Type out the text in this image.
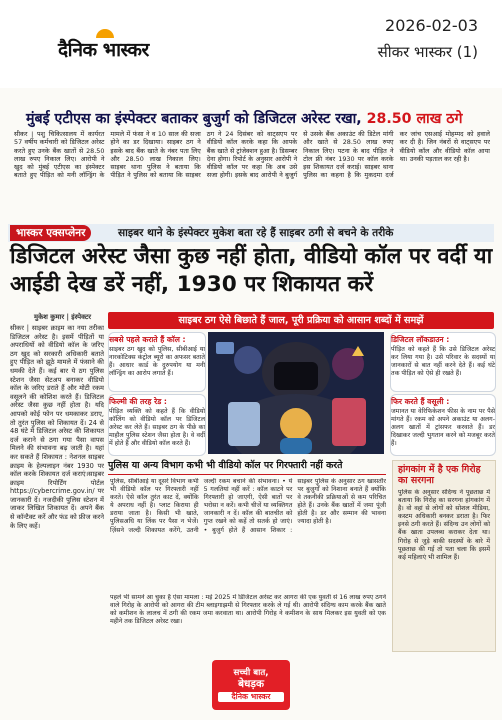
दैनिक भास्कर
2026-02-03
सीकर भास्कर (1)
मुंबई एटीएस का इंस्पेक्टर बताकर बुजुर्ग को डिजिटल अरेस्ट रखा, 28.50 लाख ठगे
सीकर | पशु चिकित्सालय में कार्यरत 57 वर्षीय कर्मचारी को डिजिटल अरेस्ट करते हुए उनके बैंक खातों से 28.50 लाख रुपए निकाल लिए। आरोपी ने खुद को मुंबई एटीएस का इंस्पेक्टर बताते हुए पीड़ित को मनी लॉन्ड्रिंग के मामले में फंसा ने व 10 साल की सजा होने का डर दिखाया। साइबर ठग ने इसके बाद बैंक खाते के नंबर पता लिए और 28.50 लाख निकाल लिए। साइबर थाना पुलिस ने बताया कि पीड़ित ने पुलिस को बताया कि साइबर ठग ने 24 दिसंबर को वाट्सएप पर वीडियो कॉल करके कहा कि आपके बैंक खाते से ट्रांजेक्शन हुआ है। डिसम्बर देना होगा। रिपोर्ट के अनुसार आरोपी ने वीडियो कॉल पर कहा कि अब उसे सजा होगी। इसके बाद आरोपी ने बुजुर्ग से उसके बैंक अकाउंट की डिटेल मांगी और खाते से 28.50 लाख रुपए निकाल लिए। पटना के बाद पीड़ित ने टोल फ्री नंबर 1930 पर कॉल करके इस शिकायत दर्ज कराई। साइबर थाना पुलिस का कहना है कि मुकदमा दर्ज कर जांच एसआई मोहम्मद को हवाले कर दी है। जिन नंबरों से वाट्सएप पर वीडियो कॉल और वीडियो कॉल आया था। उनकी पड़ताल कर रही है।
भास्कर एक्सप्लेनर	साइबर थाने के इंस्पेक्टर मुकेश बता रहे हैं साइबर ठगी से बचने के तरीके
डिजिटल अरेस्ट जैसा कुछ नहीं होता, वीडियो कॉल पर वर्दी या आईडी देख डरें नहीं, 1930 पर शिकायत करें
मुकेश कुमार | इंस्पेक्टर
सीकर | साइबर क्राइम का नया तरीका डिजिटल अरेस्ट है। इसमें पीड़ितों या अपराधियों को वीडियो कॉल के जरिए ठग खुद को सरकारी अधिकारी बताते हुए पीड़ित को झूठे मामले में फंसाने की धमकी देते हैं। कई बार ये ठग पुलिस स्टेशन जैसा सेटअप बनाकर वीडियो कॉल के जरिए डराते हैं और मोटी रकम वसूलने की कोशिश करते हैं। डिजिटल अरेस्ट जैसा कुछ नहीं होता है। यदि आपको कोई फोन पर धमकाकर डराए, तो तुरंत पुलिस को शिकायत दें। 24 से 48 घंटे में डिजिटल अरेस्ट की शिकायत दर्ज कराने से ठगा गया पैसा वापस मिलने की संभावना बढ़ जाती है। यहां कर सकते हैं शिकायत : नेशनल साइबर क्राइम के हेल्पलाइन नंबर 1930 पर कॉल करके शिकायत दर्ज कराएं।साइबर क्राइम रिपोर्टिंग पोर्टल https://cybercrime.gov.in/ पर जानकारी दें। नजदीकी पुलिस स्टेशन में जाकर लिखित शिकायत दें। अपने बैंक से कॉन्टैक्ट करें और फंड को फ्रीज करने के लिए कहें।
साइबर ठग ऐसे बिछाते हैं जाल, पूरी प्रक्रिया को आसान शब्दों में समझें
सबसे पहले कराते हैं कॉल :
साइबर ठग खुद को पुलिस, सीबीआई या नारकोटिक्स कंट्रोल ब्यूरो का अफसर बताते हैं। आधार कार्ड के दुरुपयोग या मनी लॉन्ड्रिंग का आरोप लगाते हैं।
फिल्मी की तरह रेड :
पीड़ित व्यक्ति को कहते हैं कि वीडियो कॉलिंग को वीडियो कॉल पर डिजिटल अरेस्ट कर लेते हैं। साइबर ठग के पीछे का माहौल पुलिस स्टेशन जैसा होता है। वे वर्दी में होते हैं और वीडियो कॉल करते हैं।
डिजिटल लॉकडाउन :
पीड़ित को कहते हैं कि उसे डिजिटल अरेस्ट कर लिया गया है। उसे परिवार के सदस्यों या जानकारों से बात नहीं करने देते हैं। कई घंटे तक पीड़ित को ऐसे ही रखते हैं।
फिर करते हैं वसूली :
जमानत या वेरिफिकेशन फीस के नाम पर पैसे मांगते हैं। रकम को अपने अकाउंट या अलग-अलग खातों में ट्रांसफर करवाते हैं। डर दिखाकर जल्दी भुगतान करने को मजबूर करते हैं।
पुलिस या अन्य विभाग कभी भी वीडियो कॉल पर गिरफ्तारी नहीं करते
पुलिस, सीबीआई या दूसरे विभाग कभी भी वीडियो कॉल पर गिरफ्तारी नहीं करते। ऐसे कॉल तुरंत काट दें, क्योंकि ये अपराध नहीं है। प्लाट किराया ही डराया जाता है। किसी भी खाते, पुलिसअधि या लिंक पर पैसा न भेजें। ज़िंसने जल्दी शिकायत करेंगे, उतनी जल्दी रकम बचाने की संभावना। • ये 5 गलतियां नहीं करें : कॉल काटने पर गिरफ्तारी हो जाएगी, ऐसी बातों पर भरोसा न करें। कभी चीजें या व्यक्तिगत जानकारी न दें। कॉल की बातचीत को गुप्त रखने को कहें तो सतर्क हो जाएं। • बुजुर्ग होते हैं आसान शिकार : साइबर पुलिस के अनुसार ठग खासतौर पर बुजुर्गों को निशाना बनाते हैं क्योंकि वे तकनीकी प्रक्रियाओं से कम परिचित होते हैं। उनके बैंक खातों में जमा पूंजी होती है। डर और सम्मान की भावना ज्यादा होती है।
पहले भी सामने आ चुका है ऐसा मामला : मई 2025 में डिजिटल अरेस्ट कर आगरा की एक युवती से 16 लाख रुपए ठगने वाले गिरोह के आरोपी को आगरा की टीम ब्लाइगाझमी से गिरफ्तार करके ले गई थी। आरोपी संदिग्ध काम करके बैंक खाते को कमीशन के लालच में ठगी की रकम जमा करवाता था। आरोपी गिरोह ने कमीशन के साथ मिलकर इस युवती को एक महीने तक डिजिटल अरेस्ट रखा।
हांगकांग में है एक गिरोह का सरगना
पुलिस के अनुसार संदिग्ध ने पूछताछ में बताया कि गिरोह का सरगना हांगकांग में है। वो वहां से लोगों को सोशल मीडिया, कस्टम अधिकारी बनकर डराता है। फिर इनसे ठगी करते हैं। संदिग्ध उन लोगों को बैंक खाता उपलब्ध कराकर देता था। गिरोह से जुड़े बाकी सदस्यों के बारे में पूछताछ की गई तो पता चला कि इसमें कई महिलाएं भी शामिल हैं।
सच्ची बात,
बेधड़क
दैनिक भास्कर
